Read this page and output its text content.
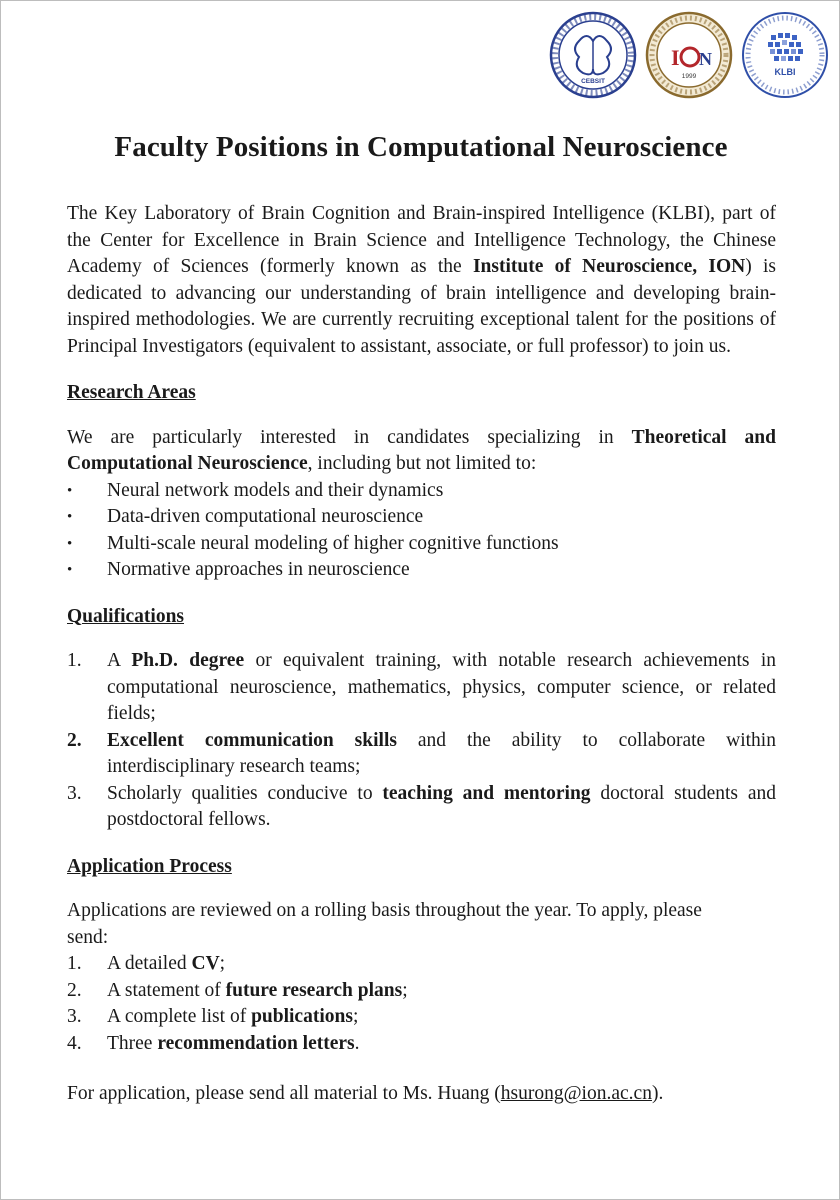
CEBSIT
I N
1999	KLBI
Faculty Positions in Computational Neuroscience

The Key Laboratory of Brain Cognition and Brain-inspired Intelligence (KLBI), part of the Center for Excellence in Brain Science and Intelligence Technology, the Chinese Academy of Sciences (formerly known as the Institute of Neuroscience, ION) is dedicated to advancing our understanding of brain intelligence and developing brain-inspired methodologies. We are currently recruiting exceptional talent for the positions of Principal Investigators (equivalent to assistant, associate, or full professor) to join us.

Research Areas

We are particularly interested in candidates specializing in Theoretical and Computational Neuroscience, including but not limited to:

•	Neural network models and their dynamics
•	Data-driven computational neuroscience
•	Multi-scale neural modeling of higher cognitive functions
•	Normative approaches in neuroscience

Qualifications

1.	A Ph.D. degree or equivalent training, with notable research achievements in computational neuroscience, mathematics, physics, computer science, or related fields;
2.	Excellent communication skills and the ability to collaborate within interdisciplinary research teams;
3.	Scholarly qualities conducive to teaching and mentoring doctoral students and postdoctoral fellows.

Application Process

Applications are reviewed on a rolling basis throughout the year. To apply, please send:

1.	A detailed CV;
2.	A statement of future research plans;
3.	A complete list of publications;
4.	Three recommendation letters.

For application, please send all material to Ms. Huang (hsurong@ion.ac.cn).
